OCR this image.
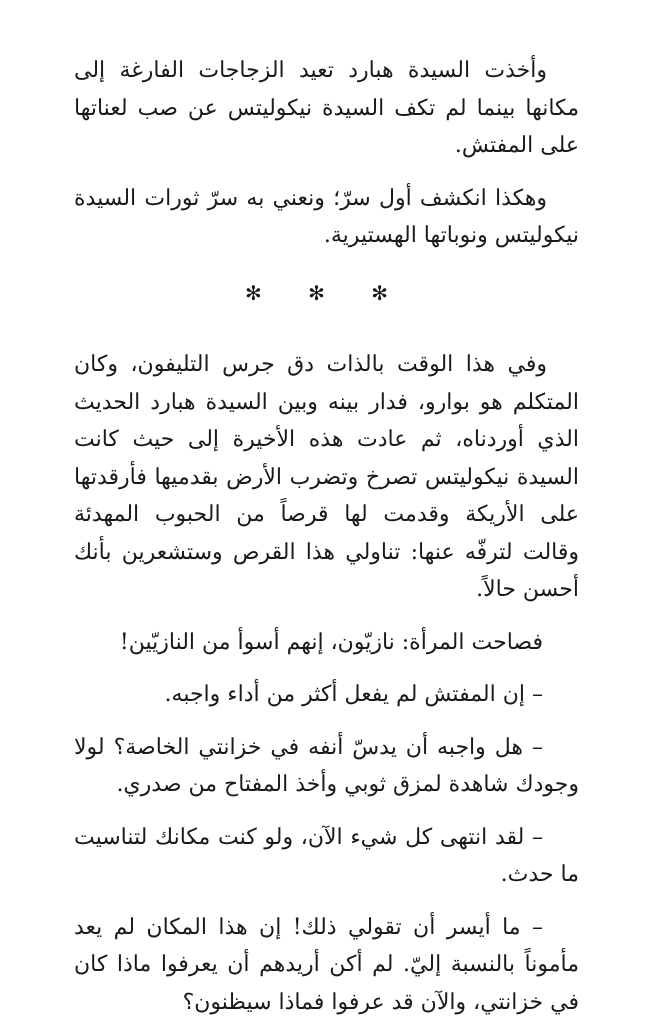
وأخذت السيدة هبارد تعيد الزجاجات الفارغة إلى مكانها بينما لم تكف السيدة نيكوليتس عن صب لعناتها على المفتش.

وهكذا انكشف أول سرّ؛ ونعني به سرّ ثورات السيدة نيكوليتس ونوباتها الهستيرية.

✻ ✻ ✻

وفي هذا الوقت بالذات دق جرس التليفون، وكان المتكلم هو بوارو، فدار بينه وبين السيدة هبارد الحديث الذي أوردناه، ثم عادت هذه الأخيرة إلى حيث كانت السيدة نيكوليتس تصرخ وتضرب الأرض بقدميها فأرقدتها على الأريكة وقدمت لها قرصاً من الحبوب المهدئة وقالت لترفّه عنها: تناولي هذا القرص وستشعرين بأنك أحسن حالاً.

فصاحت المرأة: نازيّون، إنهم أسوأ من النازيّين!

– إن المفتش لم يفعل أكثر من أداء واجبه.

– هل واجبه أن يدسّ أنفه في خزانتي الخاصة؟ لولا وجودك شاهدة لمزق ثوبي وأخذ المفتاح من صدري.

– لقد انتهى كل شيء الآن، ولو كنت مكانك لتناسيت ما حدث.

– ما أيسر أن تقولي ذلك! إن هذا المكان لم يعد مأموناً بالنسبة إليّ. لم أكن أريدهم أن يعرفوا ماذا كان في خزانتي، والآن قد عرفوا فماذا سيظنون؟
